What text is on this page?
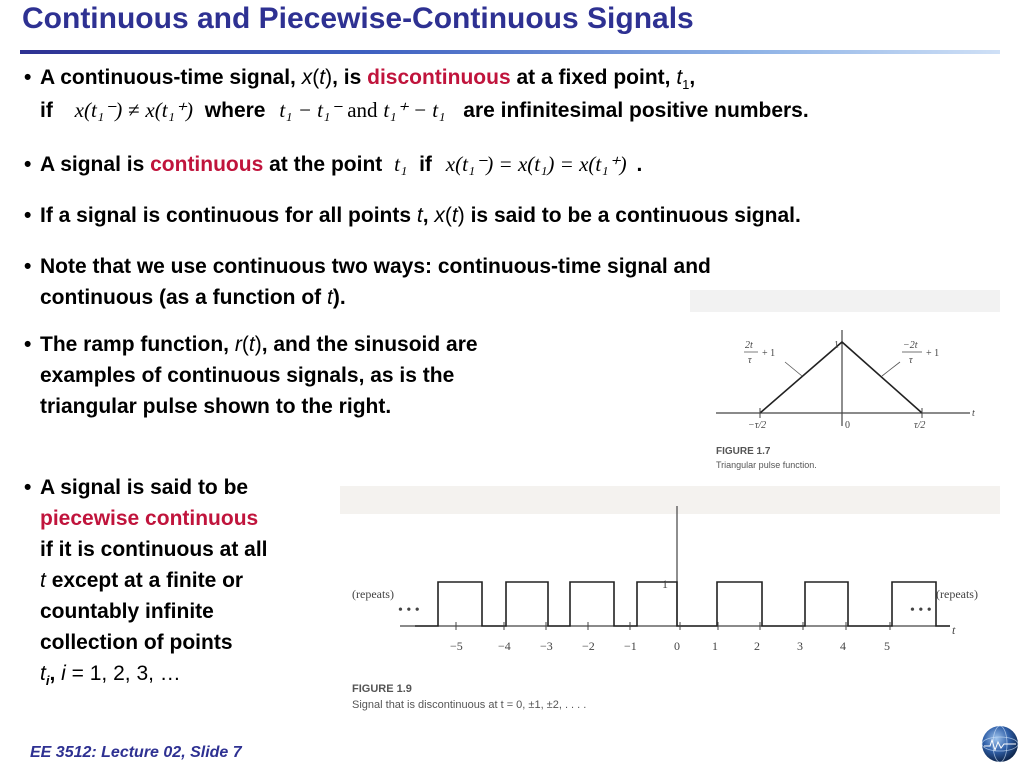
Continuous and Piecewise-Continuous Signals
• A continuous-time signal, x(t), is discontinuous at a fixed point, $t_1$,
if x(t₁⁻) ≠ x(t₁⁺) where t₁ − t₁⁻ and t₁⁺ − t₁ are infinitesimal positive numbers.
• A signal is continuous at the point t₁ if x(t₁⁻) = x(t₁) = x(t₁⁺) .
• If a signal is continuous for all points t, x(t) is said to be a continuous signal.
• Note that we use continuous two ways: continuous-time signal and
continuous (as a function of t).
• The ramp function, r(t), and the sinusoid are
examples of continuous signals, as is the
triangular pulse shown to the right.
• A signal is said to be
piecewise continuous
if it is continuous at all
t except at a finite or
countably infinite
collection of points
$t_i$, i = 1, 2, 3, …
2t
τ
+ 1
−2t
τ
+ 1
1
t
−τ/2	0	τ/2
FIGURE 1.7
Triangular pulse function.
(repeats)	(repeats)
• • •	• • •
1
t
−5	−4 −3 −2 −1	0	1	2	3	4	5
FIGURE 1.9
Signal that is discontinuous at t = 0, ±1, ±2, . . . .
EE 3512: Lecture 02, Slide 7
